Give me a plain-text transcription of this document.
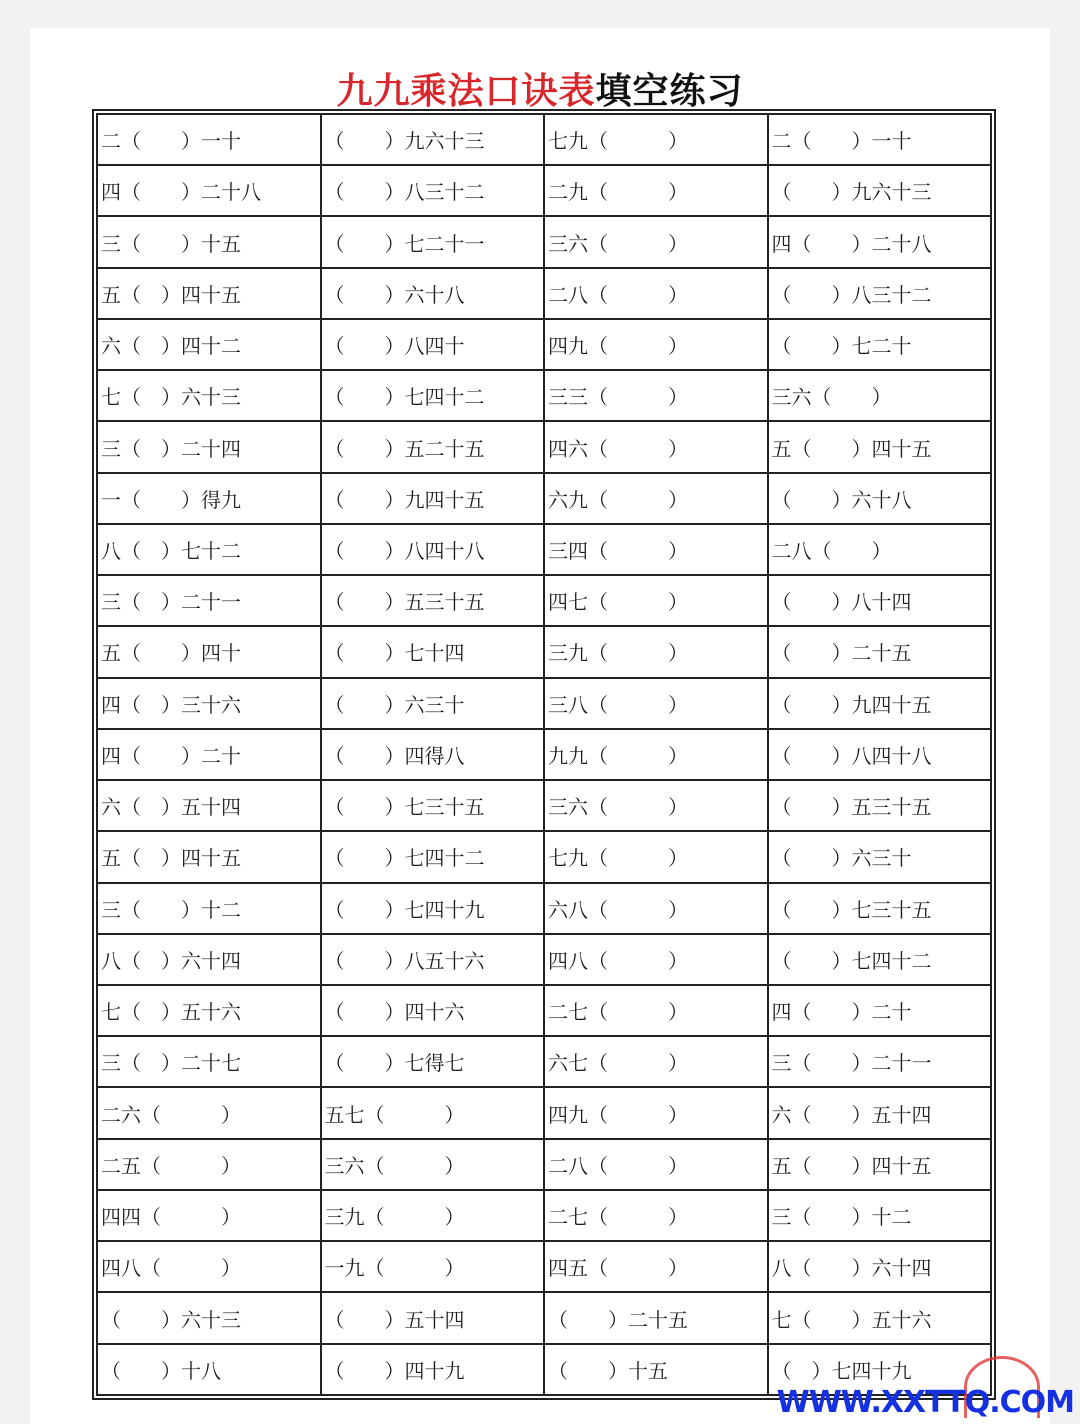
九九乘法口诀表填空练习
二（　　）一十	（　　）九六十三	七九（　　　）	二（　　）一十
四（　　）二十八	（　　）八三十二	二九（　　　）	（　　）九六十三
三（　　）十五	（　　）七二十一	三六（　　　）	四（　　）二十八
五（　）四十五	（　　）六十八	二八（　　　）	（　　）八三十二
六（　）四十二	（　　）八四十	四九（　　　）	（　　）七二十
七（　）六十三	（　　）七四十二	三三（　　　）	三六（　　）
三（　）二十四	（　　）五二十五	四六（　　　）	五（　　）四十五
一（　　）得九	（　　）九四十五	六九（　　　）	（　　）六十八
八（　）七十二	（　　）八四十八	三四（　　　）	二八（　　）
三（　）二十一	（　　）五三十五	四七（　　　）	（　　）八十四
五（　　）四十	（　　）七十四	三九（　　　）	（　　）二十五
四（　）三十六	（　　）六三十	三八（　　　）	（　　）九四十五
四（　　）二十	（　　）四得八	九九（　　　）	（　　）八四十八
六（　）五十四	（　　）七三十五	三六（　　　）	（　　）五三十五
五（　）四十五	（　　）七四十二	七九（　　　）	（　　）六三十
三（　　）十二	（　　）七四十九	六八（　　　）	（　　）七三十五
八（　）六十四	（　　）八五十六	四八（　　　）	（　　）七四十二
七（　）五十六	（　　）四十六	二七（　　　）	四（　　）二十
三（　）二十七	（　　）七得七	六七（　　　）	三（　　）二十一
二六（　　　）	五七（　　　）	四九（　　　）	六（　　）五十四
二五（　　　）	三六（　　　）	二八（　　　）	五（　　）四十五
四四（　　　）	三九（　　　）	二七（　　　）	三（　　）十二
四八（　　　）	一九（　　　）	四五（　　　）	八（　　）六十四
（　　）六十三	（　　）五十四	（　　）二十五	七（　　）五十六
（　　）十八	（　　）四十九	（　　）十五	（　）七四十九
WWW.XXTTQ.COM
